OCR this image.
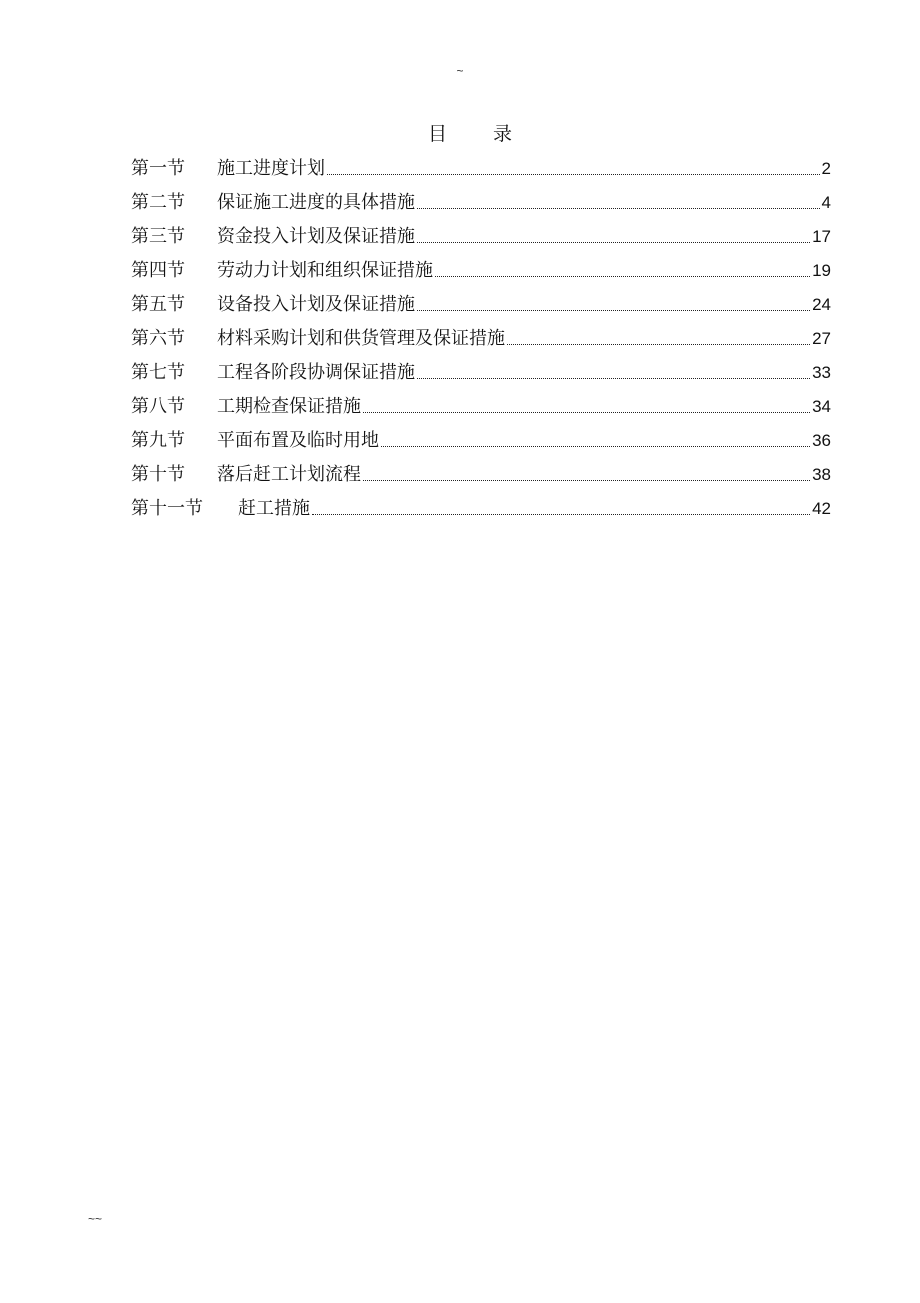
~
目 录
第一节	施工进度计划	2
第二节	保证施工进度的具体措施	4
第三节	资金投入计划及保证措施	17
第四节	劳动力计划和组织保证措施	19
第五节	设备投入计划及保证措施	24
第六节	材料采购计划和供货管理及保证措施	27
第七节	工程各阶段协调保证措施	33
第八节	工期检查保证措施	34
第九节	平面布置及临时用地	36
第十节	落后赶工计划流程	38
第十一节	赶工措施	42
~~
